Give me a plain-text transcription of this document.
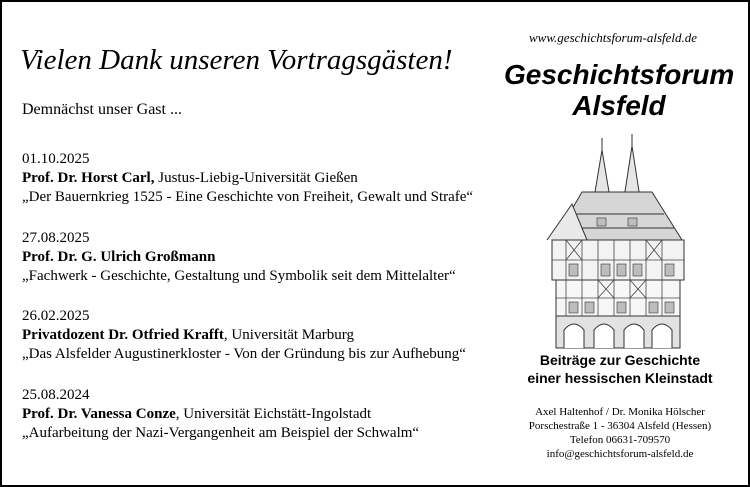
Vielen Dank unseren Vortragsgästen!
Demnächst unser Gast ...
01.10.2025
Prof. Dr. Horst Carl, Justus-Liebig-Universität Gießen
„Der Bauernkrieg 1525 - Eine Geschichte von Freiheit, Gewalt und Strafe“
27.08.2025
Prof. Dr. G. Ulrich Großmann
„Fachwerk - Geschichte, Gestaltung und Symbolik seit dem Mittelalter“
26.02.2025
Privatdozent Dr. Otfried Krafft, Universität Marburg
„Das Alsfelder Augustinerkloster - Von der Gründung bis zur Aufhebung“
25.08.2024
Prof. Dr. Vanessa Conze, Universität Eichstätt-Ingolstadt
„Aufarbeitung der Nazi-Vergangenheit am Beispiel der Schwalm“
www.geschichtsforum-alsfeld.de
Geschichtsforum
Alsfeld
Beiträge zur Geschichte
einer hessischen Kleinstadt
Axel Haltenhof / Dr. Monika Hölscher
Porschestraße 1 - 36304 Alsfeld (Hessen)
Telefon 06631-709570
info@geschichtsforum-alsfeld.de
